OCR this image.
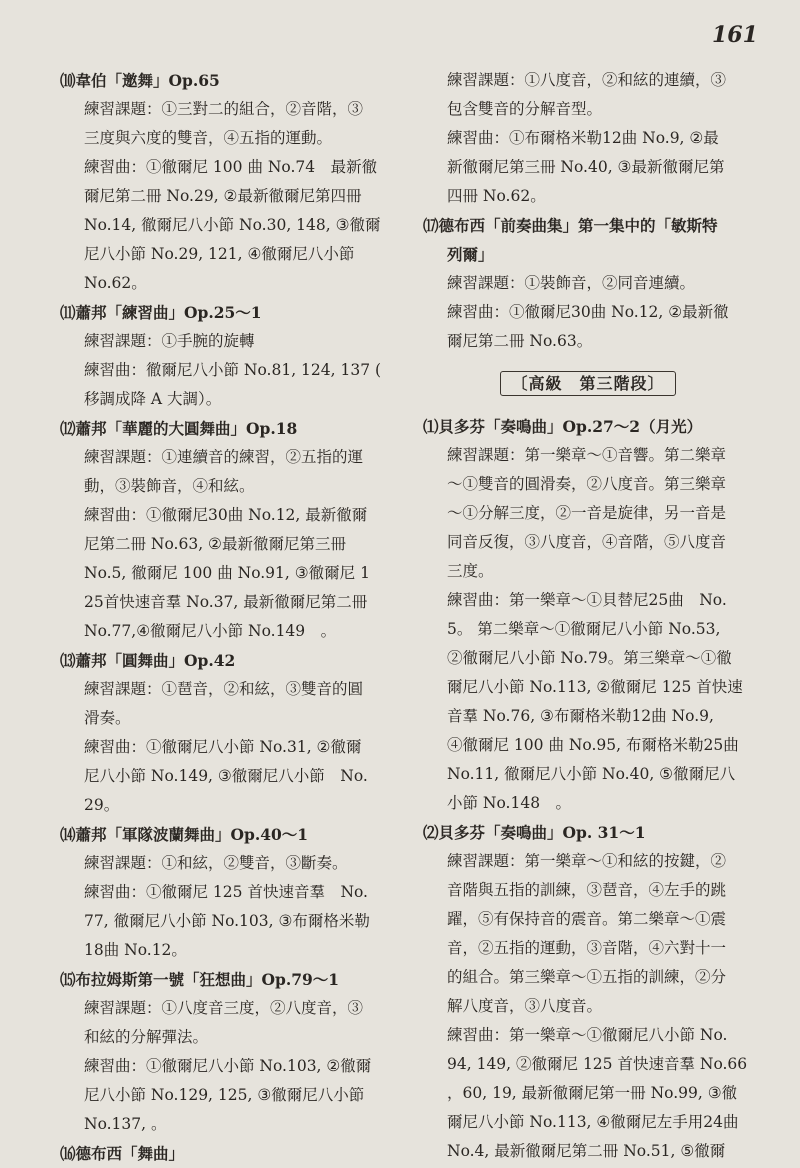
161
⑽韋伯「邀舞」Op.65
練習課題：①三對二的組合，②音階，③
三度與六度的雙音，④五指的運動。
練習曲：①徹爾尼 100 曲 No.74　最新徹
爾尼第二冊 No.29, ②最新徹爾尼第四冊
No.14, 徹爾尼八小節 No.30, 148, ③徹爾
尼八小節 No.29, 121, ④徹爾尼八小節
No.62。
⑾蕭邦「練習曲」Op.25～1
練習課題：①手腕的旋轉
練習曲：徹爾尼八小節 No.81, 124, 137 (
移調成降 A 大調）。
⑿蕭邦「華麗的大圓舞曲」Op.18
練習課題：①連續音的練習，②五指的運
動，③裝飾音，④和絃。
練習曲：①徹爾尼30曲 No.12, 最新徹爾
尼第二冊 No.63, ②最新徹爾尼第三冊
No.5, 徹爾尼 100 曲 No.91, ③徹爾尼 1
25首快速音羣 No.37, 最新徹爾尼第二冊
No.77,④徹爾尼八小節 No.149　。
⒀蕭邦「圓舞曲」Op.42
練習課題：①琶音，②和絃，③雙音的圓
滑奏。
練習曲：①徹爾尼八小節 No.31, ②徹爾
尼八小節 No.149, ③徹爾尼八小節　No.
29。
⒁蕭邦「軍隊波蘭舞曲」Op.40～1
練習課題：①和絃，②雙音，③斷奏。
練習曲：①徹爾尼 125 首快速音羣　No.
77, 徹爾尼八小節 No.103, ③布爾格米勒
18曲 No.12。
⒂布拉姆斯第一號「狂想曲」Op.79～1
練習課題：①八度音三度，②八度音，③
和絃的分解彈法。
練習曲：①徹爾尼八小節 No.103, ②徹爾
尼八小節 No.129, 125, ③徹爾尼八小節
No.137, 。
⒃德布西「舞曲」
練習課題：①八度音，②和絃的連續，③
包含雙音的分解音型。
練習曲：①布爾格米勒12曲 No.9, ②最
新徹爾尼第三冊 No.40, ③最新徹爾尼第
四冊 No.62。
⒄德布西「前奏曲集」第一集中的「敏斯特
列爾」
練習課題：①裝飾音，②同音連續。
練習曲：①徹爾尼30曲 No.12, ②最新徹
爾尼第二冊 No.63。
〔高級　第三階段〕
⑴貝多芬「奏鳴曲」Op.27～2（月光）
練習課題：第一樂章～①音響。第二樂章
～①雙音的圓滑奏，②八度音。第三樂章
～①分解三度，②一音是旋律，另一音是
同音反復，③八度音，④音階，⑤八度音
三度。
練習曲：第一樂章～①貝替尼25曲　No.
5。 第二樂章～①徹爾尼八小節 No.53,
②徹爾尼八小節 No.79。第三樂章～①徹
爾尼八小節 No.113, ②徹爾尼 125 首快速
音羣 No.76, ③布爾格米勒12曲 No.9,
④徹爾尼 100 曲 No.95, 布爾格米勒25曲
No.11, 徹爾尼八小節 No.40, ⑤徹爾尼八
小節 No.148　。
⑵貝多芬「奏鳴曲」Op. 31～1
練習課題：第一樂章～①和絃的按鍵，②
音階與五指的訓練，③琶音，④左手的跳
躍，⑤有保持音的震音。第二樂章～①震
音，②五指的運動，③音階，④六對十一
的組合。第三樂章～①五指的訓練，②分
解八度音，③八度音。
練習曲：第一樂章～①徹爾尼八小節 No.
94, 149, ②徹爾尼 125 首快速音羣 No.66
，60, 19, 最新徹爾尼第一冊 No.99, ③徹
爾尼八小節 No.113, ④徹爾尼左手用24曲
No.4, 最新徹爾尼第二冊 No.51, ⑤徹爾
